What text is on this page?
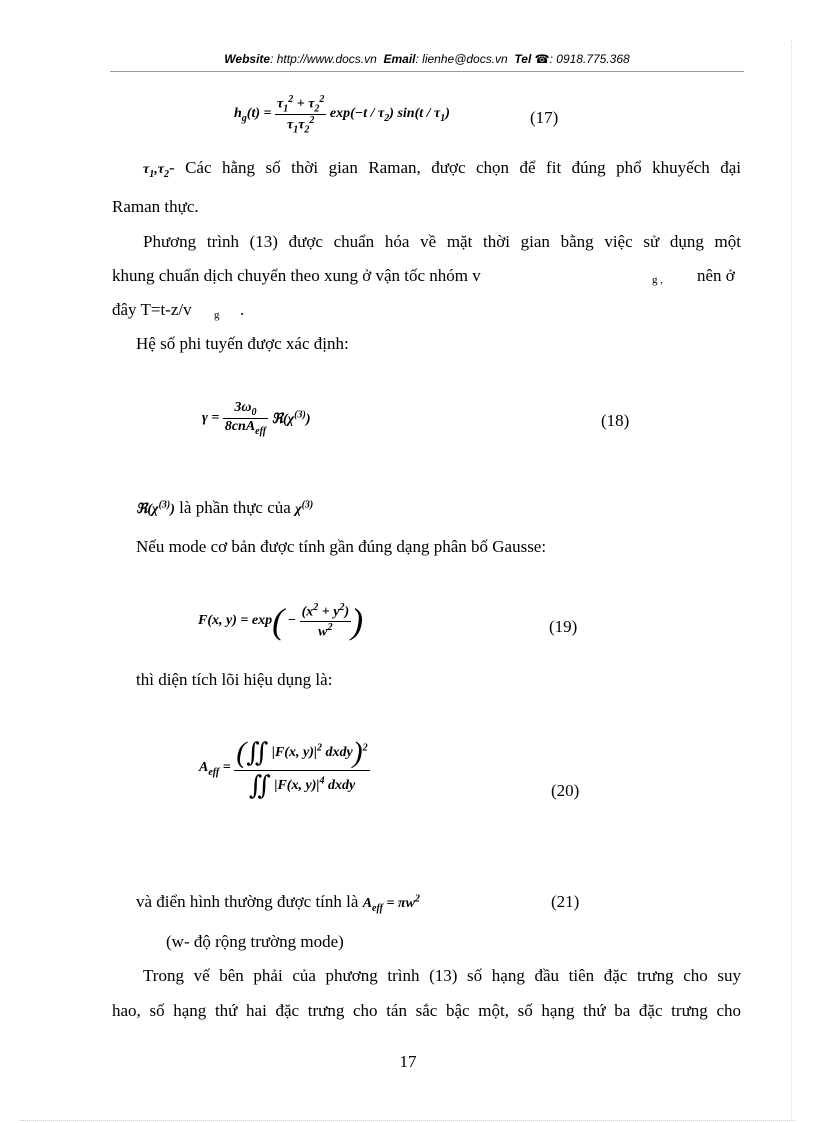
Website: http://www.docs.vn Email: lienhe@docs.vn Tel ☎: 0918.775.368
$h_g(t) = \frac{\tau_1^2 + \tau_2^2}{\tau_1\tau_2^2} \exp(-t / \tau_2)$ $\sin(t / \tau_1)$	(17)
$\tau_1,\tau_2-$ Các hằng số thời gian Raman, được chọn để fit đúng phổ khuyếch đại
Raman thực.
Phương trình (13) được chuẩn hóa về mặt thời gian bằng việc sử dụng một
khung chuẩn dịch chuyển theo xung ở vận tốc nhóm v	g , nên ở
đây T=t-z/v g .
Hệ số phi tuyến được xác định:
$\gamma = \frac{3\omega_0}{8cnA_{eff}}$ $ℜ(\chi^{(3)})$	(18)
$ℜ(\chi^{(3)})$ là phần thực của $\chi^{(3)}$
Nếu mode cơ bản được tính gần đúng dạng phân bố Gausse:
F(x, $y) = \exp( - \frac{(x^2 + y^2)}{w^2}$ )	(19)
thì diện tích lõi hiệu dụng là:
$A_{eff} = \frac{(∬ |F(x, y)|^2 dxdy)^2}{∬ |F(x, y)|^4 dxdy}$	(20)
và điển hình thường được tính là $A_{eff} = \pi w^2$	(21)
(w- độ rộng trường mode)
Trong vế bên phải của phương trình (13) số hạng đầu tiên đặc trưng cho suy
hao, số hạng thứ hai đặc trưng cho tán sắc bậc một, số hạng thứ ba đặc trưng cho
17
